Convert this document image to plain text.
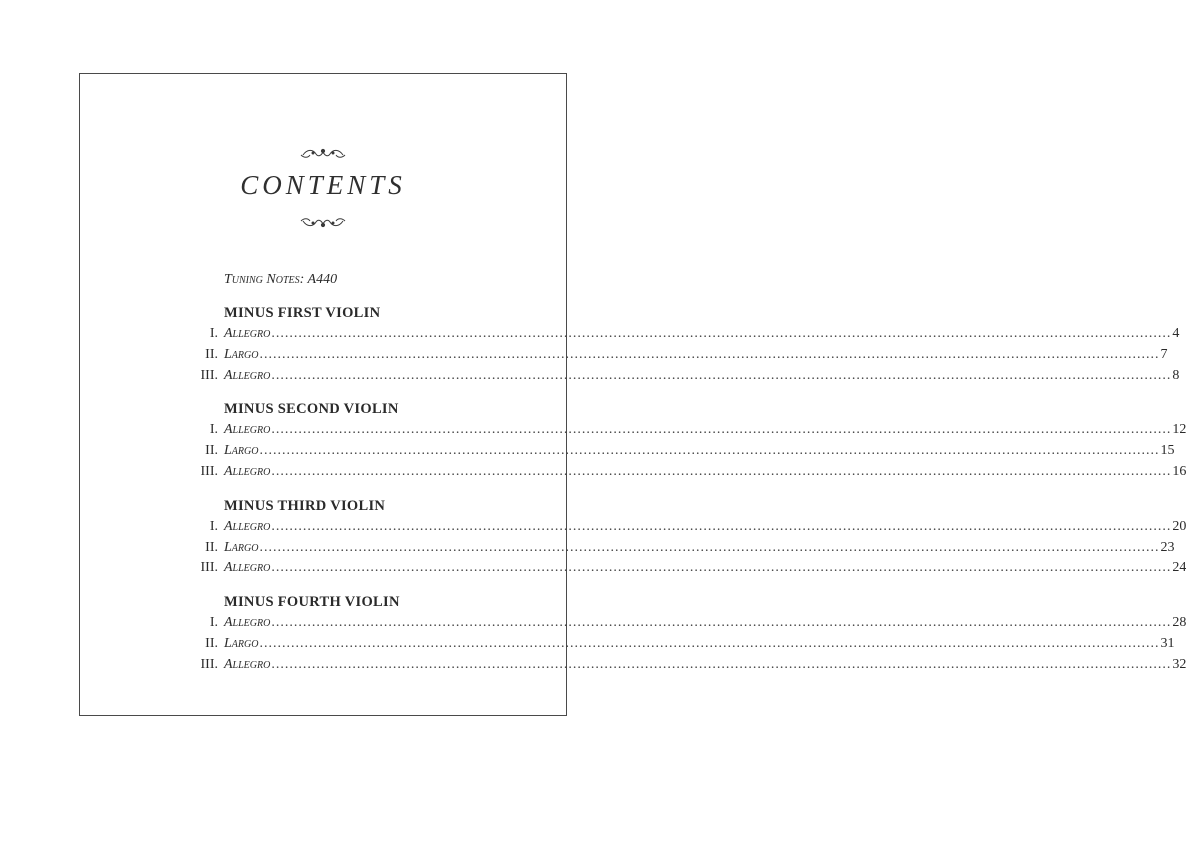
CONTENTS
Tuning Notes: A440
MINUS FIRST VIOLIN
I. Allegro ........................................................................................................................................................................................................ 4
II. Largo ........................................................................................................................................................................................................ 7
III. Allegro ........................................................................................................................................................................................................ 8
MINUS SECOND VIOLIN
I. Allegro ........................................................................................................................................................................................................ 12
II. Largo ........................................................................................................................................................................................................ 15
III. Allegro ........................................................................................................................................................................................................ 16
MINUS THIRD VIOLIN
I. Allegro ........................................................................................................................................................................................................ 20
II. Largo ........................................................................................................................................................................................................ 23
III. Allegro ........................................................................................................................................................................................................ 24
MINUS FOURTH VIOLIN
I. Allegro ........................................................................................................................................................................................................ 28
II. Largo ........................................................................................................................................................................................................ 31
III. Allegro ........................................................................................................................................................................................................ 32
